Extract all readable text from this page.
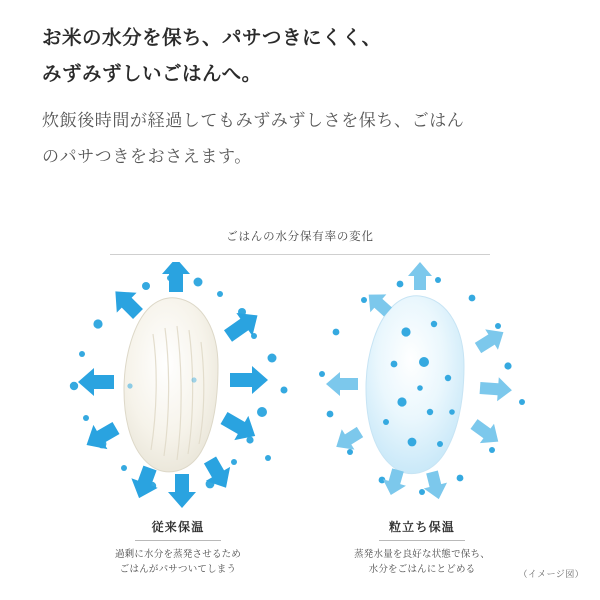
お米の水分を保ち、パサつきにくく、
みずみずしいごはんへ。
炊飯後時間が経過してもみずみずしさを保ち、ごはん
のパサつきをおさえます。
ごはんの水分保有率の変化
従来保温
過剰に水分を蒸発させるため
ごはんがパサついてしまう
粒立ち保温
蒸発水量を良好な状態で保ち、
水分をごはんにとどめる	（イメージ図）
